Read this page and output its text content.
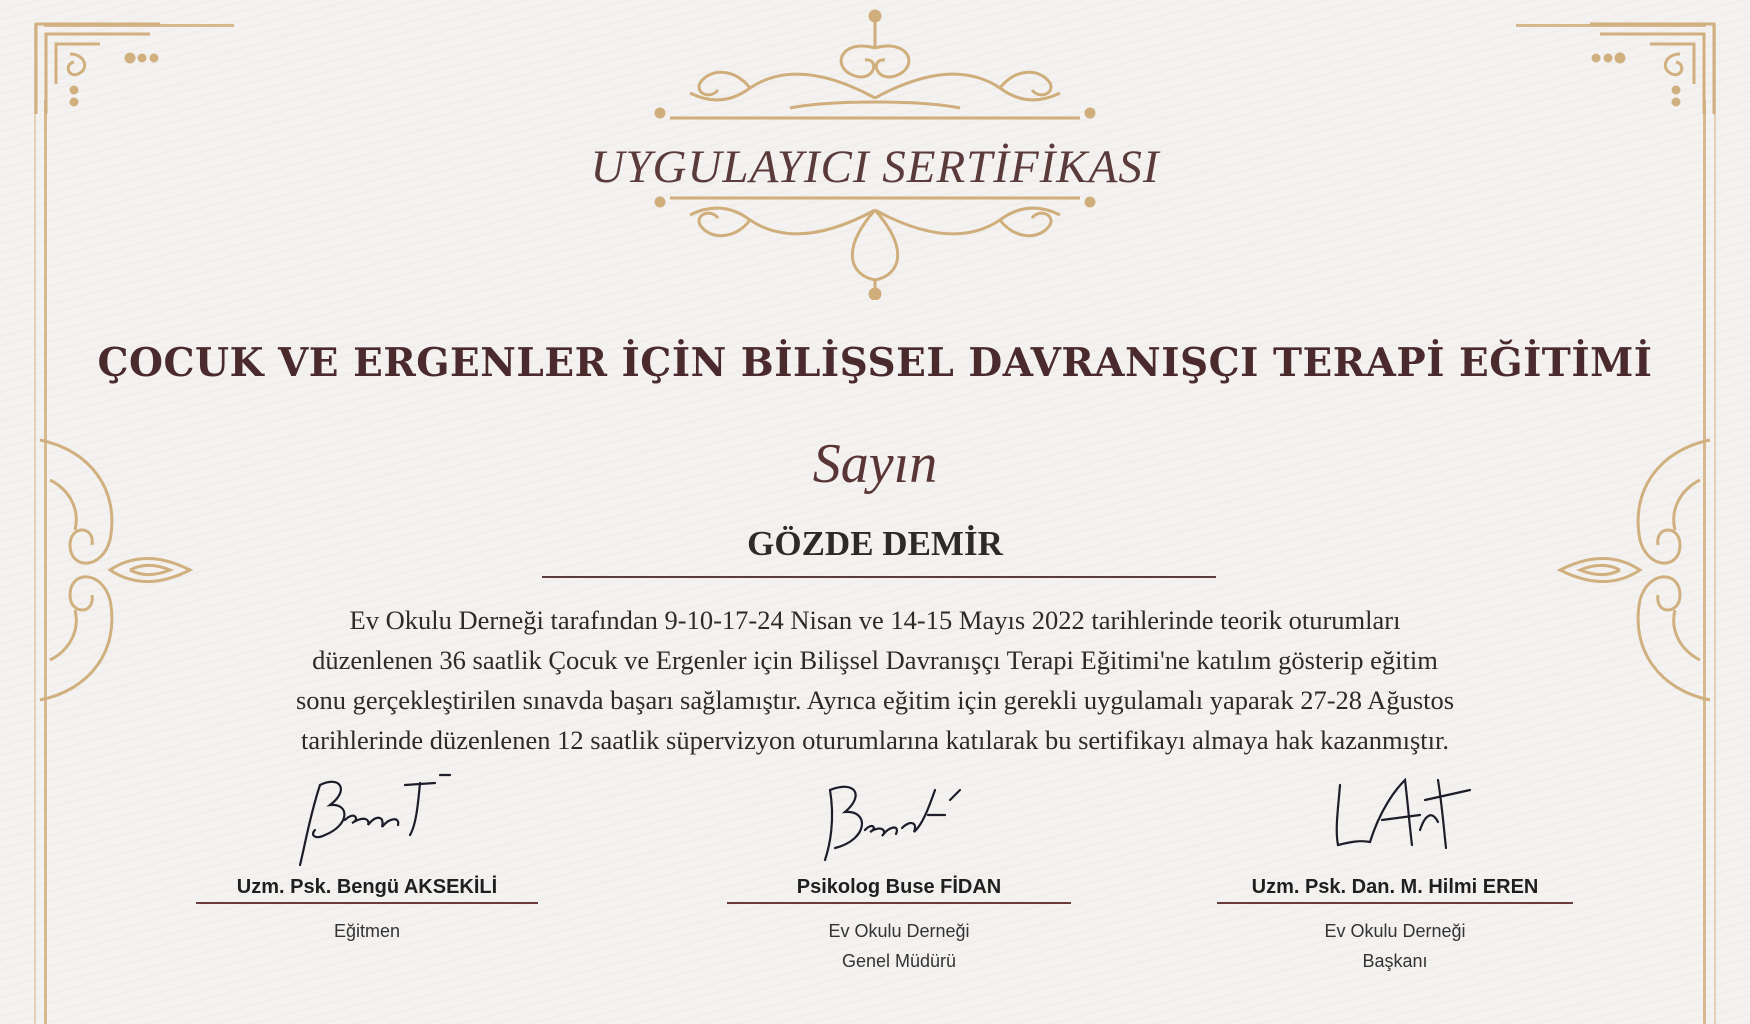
UYGULAYICI SERTİFİKASI
ÇOCUK VE ERGENLER İÇİN BİLİŞSEL DAVRANIŞÇI TERAPİ EĞİTİMİ
Sayın
GÖZDE DEMİR
Ev Okulu Derneği tarafından 9-10-17-24 Nisan ve 14-15 Mayıs 2022 tarihlerinde teorik oturumları
düzenlenen 36 saatlik Çocuk ve Ergenler için Bilişsel Davranışçı Terapi Eğitimi'ne katılım gösterip eğitim
sonu gerçekleştirilen sınavda başarı sağlamıştır. Ayrıca eğitim için gerekli uygulamalı yaparak 27-28 Ağustos
tarihlerinde düzenlenen 12 saatlik süpervizyon oturumlarına katılarak bu sertifikayı almaya hak kazanmıştır.
Uzm. Psk. Bengü AKSEKİLİ
Eğitmen
Psikolog Buse FİDAN
Ev Okulu Derneği
Genel Müdürü
Uzm. Psk. Dan. M. Hilmi EREN
Ev Okulu Derneği
Başkanı
